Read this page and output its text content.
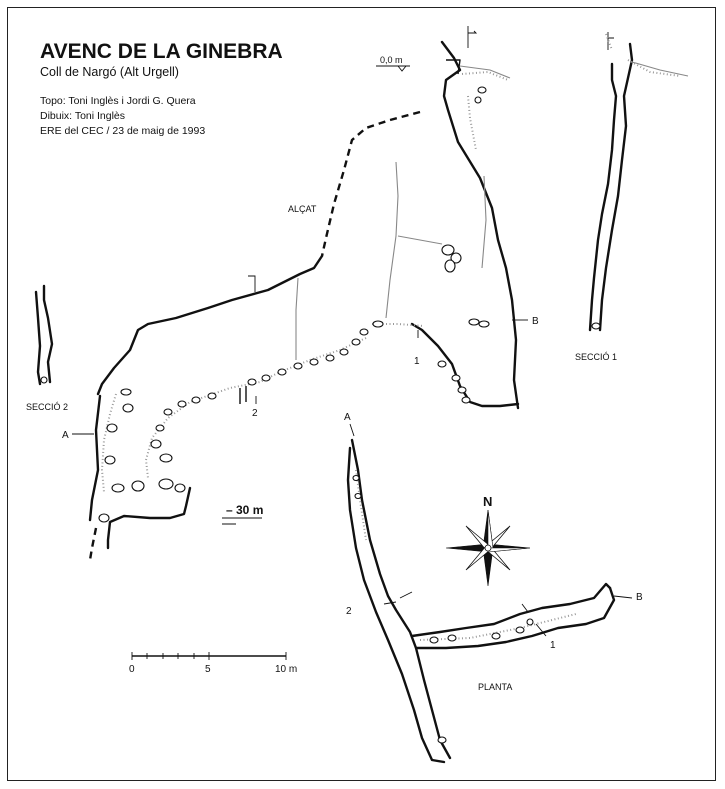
AVENC DE LA GINEBRA
Coll de Nargó (Alt Urgell)
Topo: Toni Inglès i Jordi G. Quera
Dibuix: Toni Inglès
ERE del CEC / 23 de maig de 1993
0,0 m
2
1
B
A
ALÇAT
– 30 m
SECCIÓ 1
SECCIÓ 2
A
2
1
B
PLANTA
N
0	5	10 m
